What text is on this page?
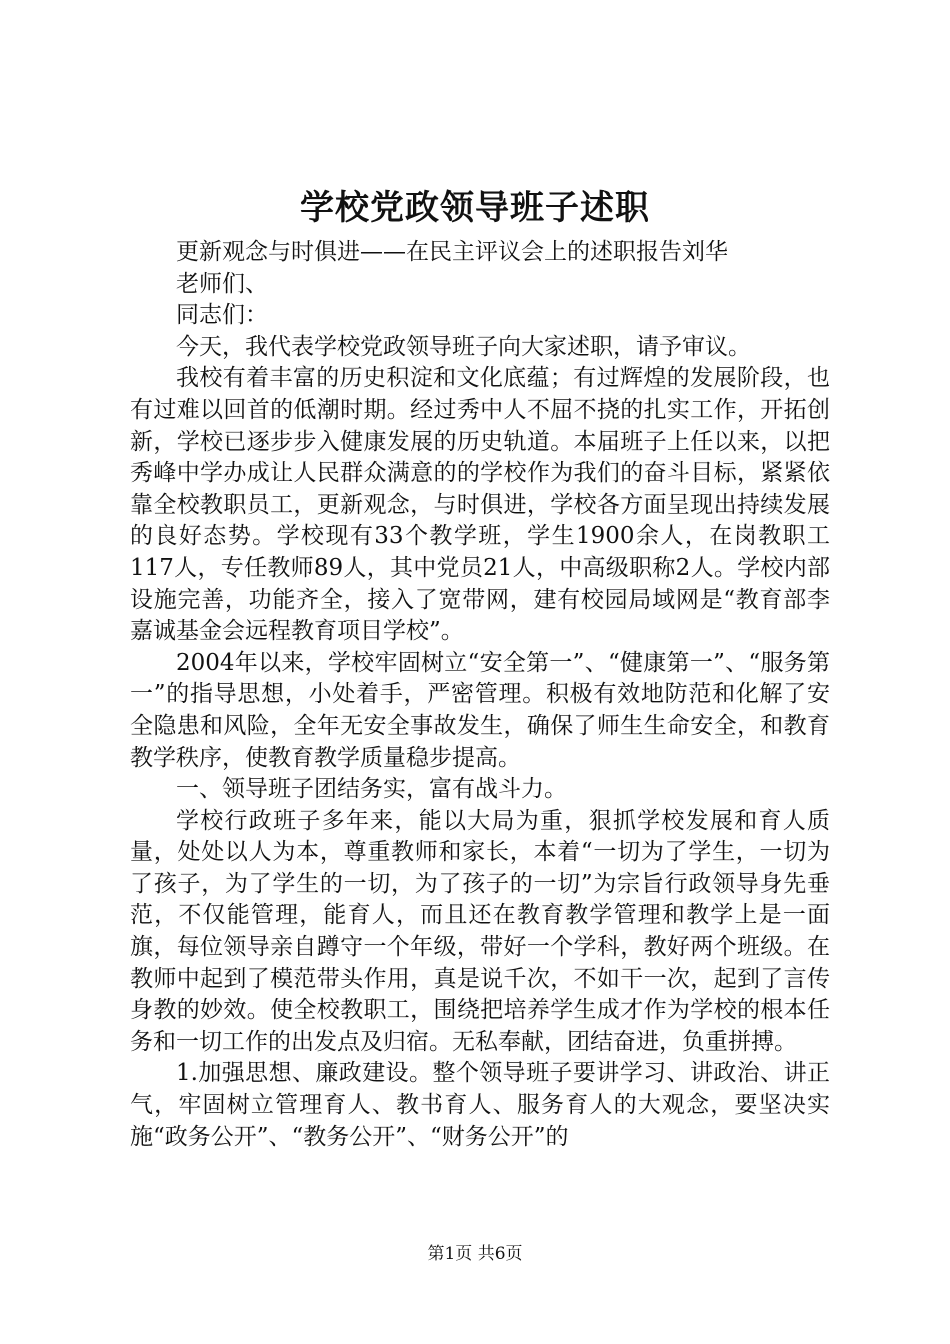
学校党政领导班子述职

更新观念与时俱进——在民主评议会上的述职报告刘华

老师们、

同志们：

今天，我代表学校党政领导班子向大家述职，请予审议。

我校有着丰富的历史积淀和文化底蕴；有过辉煌的发展阶段，也有过难以回首的低潮时期。经过秀中人不屈不挠的扎实工作，开拓创新，学校已逐步步入健康发展的历史轨道。本届班子上任以来，以把秀峰中学办成让人民群众满意的的学校作为我们的奋斗目标，紧紧依靠全校教职员工，更新观念，与时俱进，学校各方面呈现出持续发展的良好态势。学校现有33个教学班，学生1900余人，在岗教职工117人，专任教师89人，其中党员21人，中高级职称2人。学校内部设施完善，功能齐全，接入了宽带网，建有校园局域网是“教育部李嘉诚基金会远程教育项目学校”。

2004年以来，学校牢固树立“安全第一”、“健康第一”、“服务第一”的指导思想，小处着手，严密管理。积极有效地防范和化解了安全隐患和风险，全年无安全事故发生，确保了师生生命安全，和教育教学秩序，使教育教学质量稳步提高。

一、领导班子团结务实，富有战斗力。

学校行政班子多年来，能以大局为重，狠抓学校发展和育人质量，处处以人为本，尊重教师和家长，本着“一切为了学生，一切为了孩子，为了学生的一切，为了孩子的一切”为宗旨行政领导身先垂范，不仅能管理，能育人，而且还在教育教学管理和教学上是一面旗，每位领导亲自蹲守一个年级，带好一个学科，教好两个班级。在教师中起到了模范带头作用，真是说千次，不如干一次，起到了言传身教的妙效。使全校教职工，围绕把培养学生成才作为学校的根本任务和一切工作的出发点及归宿。无私奉献，团结奋进，负重拼搏。

1.加强思想、廉政建设。整个领导班子要讲学习、讲政治、讲正气，牢固树立管理育人、教书育人、服务育人的大观念，要坚决实施“政务公开”、“教务公开”、“财务公开”的

第1页 共6页
